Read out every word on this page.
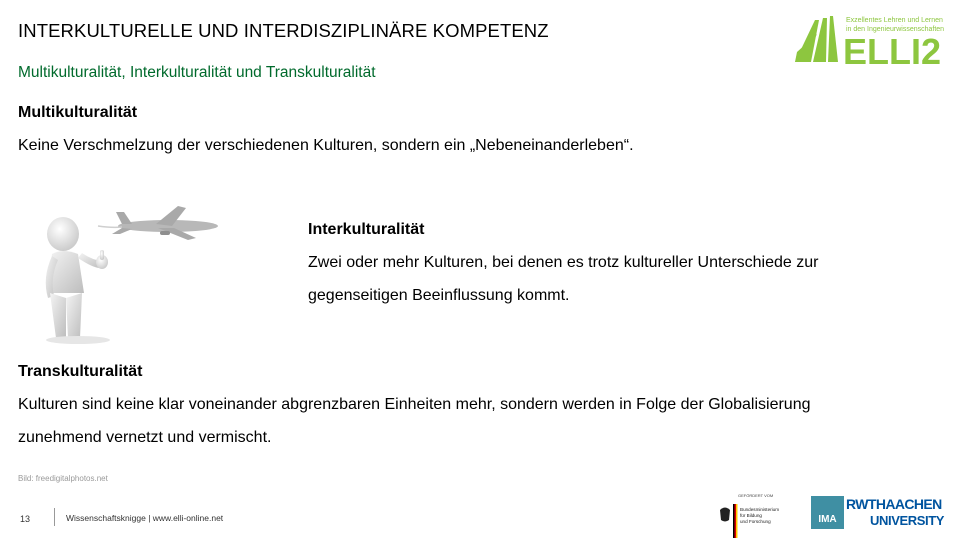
INTERKULTURELLE UND INTERDISZIPLINÄRE KOMPETENZ
Multikulturalität, Interkulturalität und Transkulturalität
Exzellentes Lehren und Lernen
in den Ingenieurwissenschaften
ELLI2
Multikulturalität
Keine Verschmelzung der verschiedenen Kulturen, sondern ein „Nebeneinanderleben“.
Interkulturalität
Zwei oder mehr Kulturen, bei denen es trotz kultureller Unterschiede zur
gegenseitigen Beeinflussung kommt.
Transkulturalität
Kulturen sind keine klar voneinander abgrenzbaren Einheiten mehr, sondern werden in Folge der Globalisierung
zunehmend vernetzt und vermischt.
Bild: freedigitalphotos.net
13	Wissenschaftsknigge | www.elli-online.net
GEFÖRDERT VOM
Bundesministerium
für Bildung
und Forschung	IMA
RWTHAACHEN
UNIVERSITY
